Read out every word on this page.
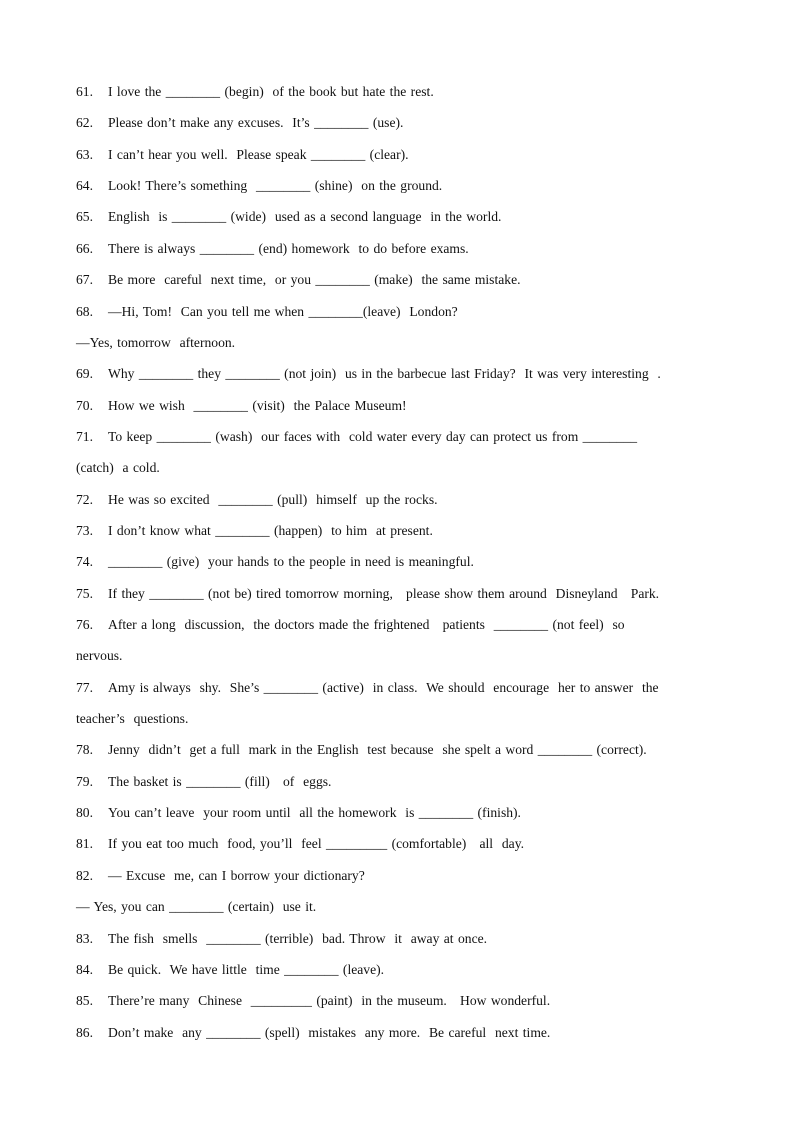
61. I love the ________ (begin)  of the book but hate the rest.
62. Please don’t make any excuses.  It’s ________ (use).
63. I can’t hear you well.  Please speak ________ (clear).
64. Look! There’s something  ________ (shine)  on the ground.
65. English  is ________ (wide)  used as a second language  in the world.
66. There is always ________ (end) homework  to do before exams.
67. Be more  careful  next time,  or you ________ (make)  the same mistake.
68. —Hi, Tom!  Can you tell me when ________(leave)  London?
—Yes, tomorrow  afternoon.
69. Why ________ they ________ (not join)  us in the barbecue last Friday?  It was very interesting  .
70. How we wish  ________ (visit)  the Palace Museum!
71. To keep ________ (wash)  our faces with  cold water every day can protect us from ________
(catch)  a cold.
72. He was so excited  ________ (pull)  himself  up the rocks.
73. I don’t know what ________ (happen)  to him  at present.
74. ________ (give)  your hands to the people in need is meaningful.
75. If they ________ (not be) tired tomorrow morning,   please show them around  Disneyland   Park.
76. After a long  discussion,  the doctors made the frightened   patients  ________ (not feel)  so
nervous.
77. Amy is always  shy.  She’s ________ (active)  in class.  We should  encourage  her to answer  the
teacher’s  questions.
78. Jenny  didn’t  get a full  mark in the English  test because  she spelt a word ________ (correct).
79. The basket is ________ (fill)   of  eggs.
80. You can’t leave  your room until  all the homework  is ________ (finish).
81. If you eat too much  food, you’ll  feel _________ (comfortable)   all  day.
82. — Excuse  me, can I borrow your dictionary?
— Yes, you can ________ (certain)  use it.
83. The fish  smells  ________ (terrible)  bad. Throw  it  away at once.
84. Be quick.  We have little  time ________ (leave).
85. There’re many  Chinese  _________ (paint)  in the museum.   How wonderful.
86. Don’t make  any ________ (spell)  mistakes  any more.  Be careful  next time.
